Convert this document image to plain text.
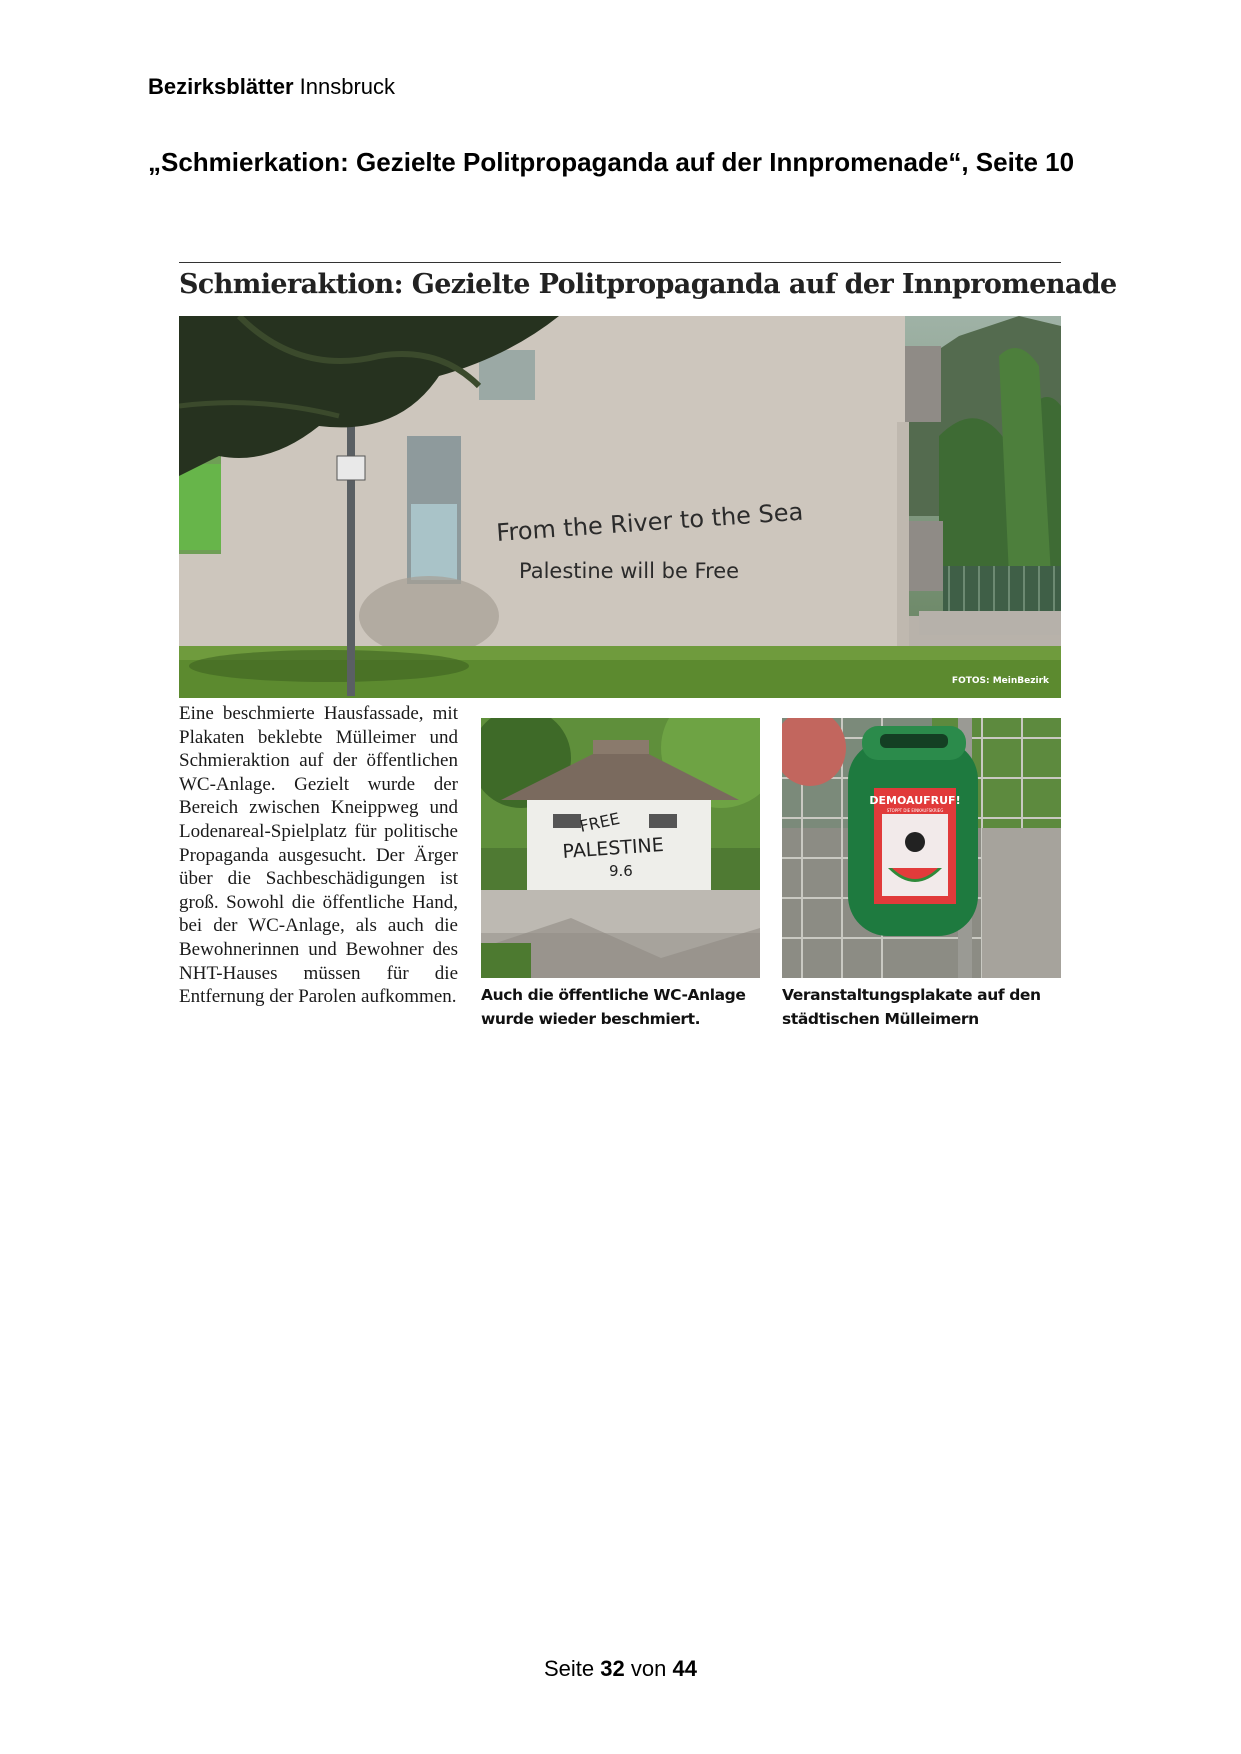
Bezirksblätter Innsbruck
„Schmierkation: Gezielte Politpropaganda auf der Innpromenade“, Seite 10
Schmieraktion: Gezielte Politpropaganda auf der Innpromenade
From the River to the Sea
Palestine will be Free
FOTOS: MeinBezirk

Eine beschmierte Hausfassade, mit Plakaten beklebte Mülleimer und Schmieraktion auf der öffentlichen WC-Anlage. Gezielt wurde der Bereich zwischen Kneippweg und Lodenareal-Spielplatz für politische Propaganda ausgesucht. Der Ärger über die Sachbeschädigungen ist groß. Sowohl die öffentliche Hand, bei der WC-Anlage, als auch die Bewohnerinnen und Bewohner des NHT-Hauses müssen für die Entfernung der Parolen aufkommen.

FREE
PALESTINE
9.6

Auch die öffentliche WC-Anlage wurde wieder beschmiert.

DEMOAUFRUF!
STOPPT DIE EINKAUFSKRIEG

Veranstaltungsplakate auf den städtischen Mülleimern

Seite 32 von 44
